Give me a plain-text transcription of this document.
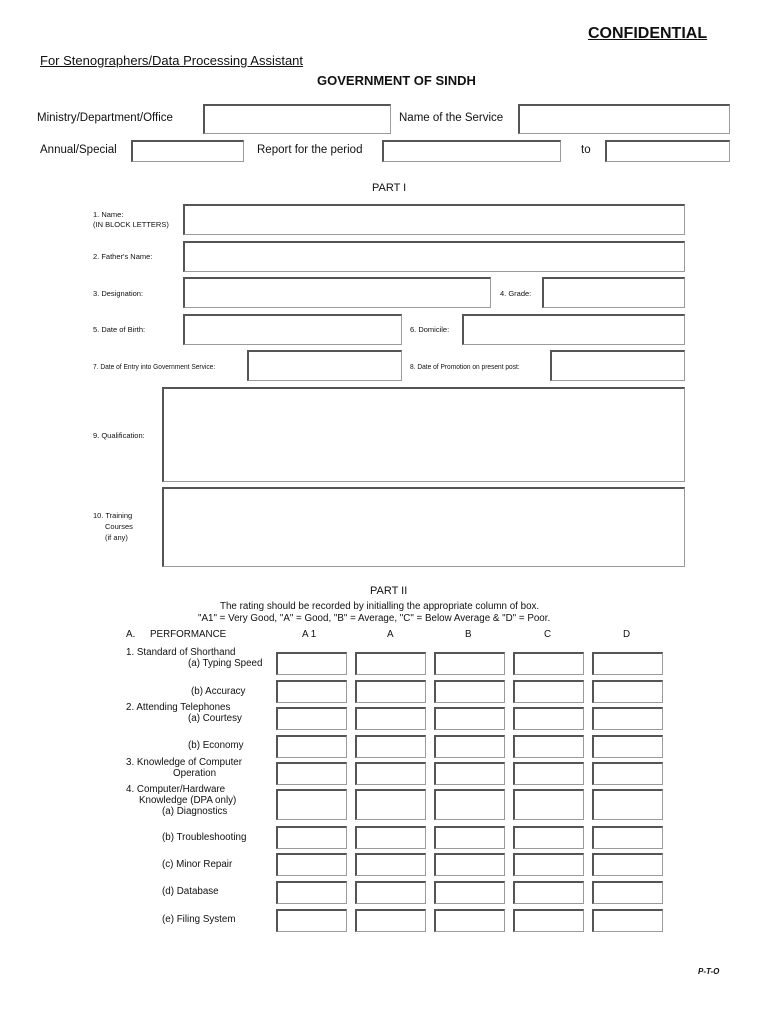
CONFIDENTIAL
For Stenographers/Data Processing Assistant
GOVERNMENT OF SINDH
Ministry/Department/Office	Name of the Service
Annual/Special	Report for the period	to
PART I
1. Name:
(IN BLOCK LETTERS)
2. Father's Name:
3. Designation:	4. Grade:
5. Date of Birth:	6. Domicile:
7. Date of Entry into Government Service:	8. Date of Promotion on present post:
9. Qualification:
10. Training
Courses
(if any)
PART II
The rating should be recorded by initialling the appropriate column of box.
"A1" = Very Good, "A" = Good, "B" = Average, "C" = Below Average & "D" = Poor.
A. PERFORMANCE	A 1	A	B	C	D
1. Standard of Shorthand
(a) Typing Speed
(b) Accuracy
2. Attending Telephones
(a) Courtesy
(b) Economy
3. Knowledge of Computer
Operation
4. Computer/Hardware
Knowledge (DPA only)
(a) Diagnostics
(b) Troubleshooting
(c) Minor Repair
(d) Database
(e) Filing System
P-T-O
